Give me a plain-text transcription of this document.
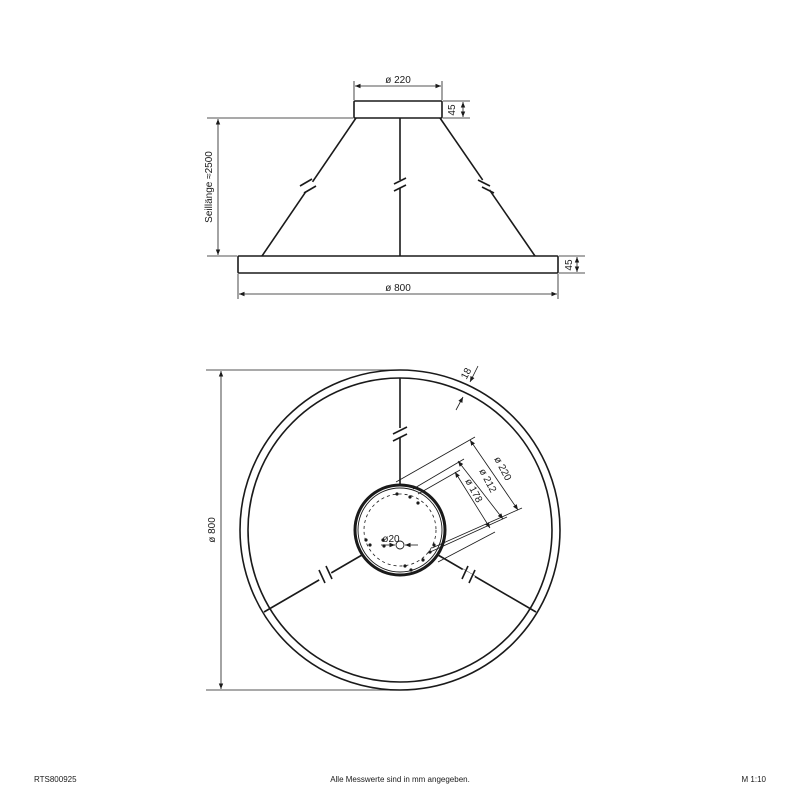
ø 220
45
Seillänge ≈2500
45
ø 800
ø 800
18
ø 220
ø 212
ø 178
ø20
RTS800925	Alle Messwerte sind in mm angegeben.	M 1:10
